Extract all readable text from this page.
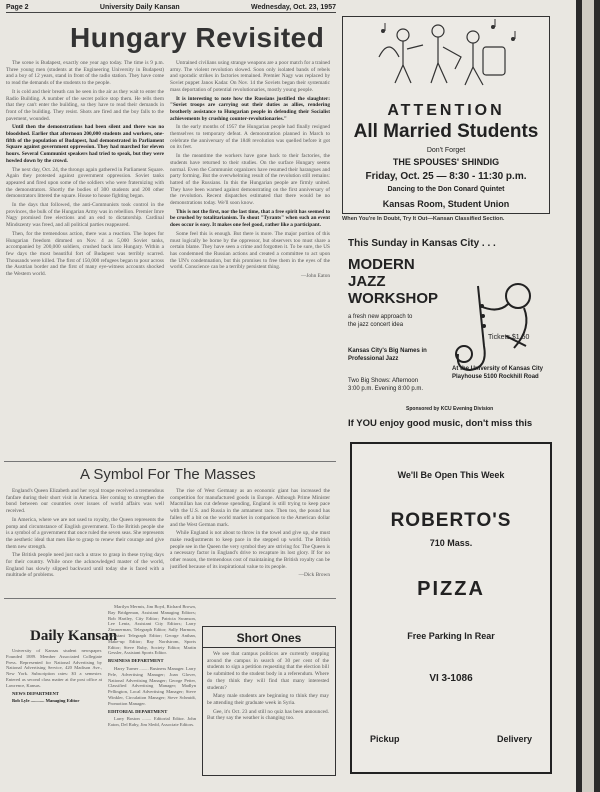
Page 2	University Daily Kansan	Wednesday, Oct. 23, 1957
Hungary Revisited

The scene is Budapest, exactly one year ago today. The time is 9 p.m. Three young men (students at the Engineering University in Budapest) and a boy of 12 years, stand in front of the radio station. They have come to read the demands of the students to the people.

It is cold and their breath can be seen in the air as they wait to enter the Radio Building. A number of the secret police stop them. He tells them that they can't enter the building, so they have to read their demands in front of the building. They resist. Shots are fired and the boy falls to the pavement, wounded.

Until then the demonstrations had been silent and there was no bloodshed. Earlier that afternoon 200,000 students and workers, one-fifth of the population of Budapest, had demonstrated in Parliament Square against government oppression. They had marched for eleven hours. Several Communist speakers had tried to speak, but they were howled down by the crowd.

The next day, Oct. 24, the throngs again gathered in Parliament Square. Again they protested against government oppression. Soviet tanks appeared and fired upon some of the soldiers who were fraternizing with the demonstrators. Shortly the bodies of 300 students and 200 other demonstrators littered the square. House to house fighting began.

In the days that followed, the anti-Communists took control in the provinces, the bulk of the Hungarian Army was in rebellion. Premier Imre Nagy promised free elections and an end to dictatorship. Cardinal Mindszenty was freed, and all political parties reappeared.

Then, for the tremendous action, there was a reaction. The hopes for Hungarian freedom dimmed on Nov. 4 as 5,000 Soviet tanks, accompanied by 200,000 soldiers, crushed back into Hungary. Within a few days the most beautiful fort of Budapest was terribly scarred. Thousands were killed. The first of 150,000 refugees began to pour across the Austrian border and the first of many eye-witness accounts shocked the Western world.

Untrained civilians using strange weapons are a poor match for a trained army. The violent revolution slowed. Soon only isolated bands of rebels and sporadic strikes in factories remained. Premier Nagy was replaced by Soviet puppet Janos Kadar. On Nov. 14 the Soviets began their systematic mass deportation of potential revolutionaries, mostly young people.

It is interesting to note how the Russians justified the slaughter: "Soviet troops are carrying out their duties as allies, rendering brotherly assistance to Hungarian people in defending their Socialist achievements by crushing counter-revolutionaries."

In the early months of 1957 the Hungarian people had finally resigned themselves to temporary defeat. A demonstration planned in March to celebrate the anniversary of the 1848 revolution was quelled before it got on its feet.

In the meantime the workers have gone back to their factories, the students have returned to their studies. On the surface Hungary seems normal. Even the Communist organizers have resumed their harangues and party forming. But the overwhelming result of the revolution still remains: hatred of the Russians. In this the Hungarian people are firmly united. They have been warned against demonstrating on the first anniversary of the revolution. Recent dispatches estimated that there would be no demonstrations today. We'll soon know.

This is not the first, nor the last time, that a free spirit has seemed to be crushed by totalitarianism. To shout "Tyrants" when such an event does occur is easy. It makes one feel good, rather like a participant.

Some feel this is enough. But there is more. The major portion of this must logically be borne by the oppressor, but observers too must share a certain blame. They have seen a crime and forgotten it. To be sure, the US has condemned the Russian actions and created a committee to act upon the UN's condemnation, but this promises to free them in the eyes of the world. Conscience can be a terribly persistent thing.

—John Eaton

ATTENTION
All Married Students
Don't Forget
THE SPOUSES' SHINDIG
Friday, Oct. 25 — 8:30 - 11:30 p.m.
Dancing to the Don Conard Quintet
Kansas Room, Student Union
When You're In Doubt, Try It Out—Kansan Classified Section.
This Sunday in Kansas City . . .
MODERN
JAZZ
WORKSHOP
a fresh new approach to the jazz concert idea
Tickets $1.50
Kansas City's Big Names in Professional Jazz
Two Big Shows: Afternoon 3:00 p.m. Evening 8:00 p.m.
At the University of Kansas City Playhouse 5100 Rockhill Road
Sponsored by KCU Evening Division
If YOU enjoy good music, don't miss this
A Symbol For The Masses

England's Queen Elizabeth and her royal troupe received a tremendous fanfare during their short visit in America. Her coming to strengthen the bond between our countries over issues of world affairs was well received.

In America, where we are not used to royalty, the Queen represents the pomp and circumstance of English government. To the British people she is a symbol of a government that once ruled the seven seas. She represents the aesthetic ideal that men like to grasp to renew their courage and give them new strength.

The British people need just such a straw to grasp in these trying days for their country. While once the acknowledged master of the world, England has slowly slipped backward until today she is faced with a multitude of problems.

The rise of West Germany as an economic giant has increased the competition for manufactured goods in Europe. Although Prime Minister Macmillan has cut defense spending, England is still trying to keep pace with the U.S. and Russia in the armament race. Then too, the pound has fallen off a bit on the world market in comparison to the American dollar and the West German mark.

While England is not about to throw in the towel and give up, she must make readjustments to keep pace in the stepped up world. The British people see in the Queen the very symbol they are striving for. The Queen is a necessary factor in England's drive to recapture its lost glory. If for no other reason, the tremendous cost of maintaining the British royalty can be justified because of its inspirational value to its people.

—Dick Brown

Daily Kansan

University of Kansas student newspaper. Founded 1889. Member Associated Collegiate Press. Represented for National Advertising by National Advertising Service, 420 Madison Ave., New York. Subscription rates: $3 a semester. Entered as second class matter at the post office at Lawrence, Kansas.

NEWS DEPARTMENT

Bob Lyle ............ Managing Editor

Marilyn Mermis, Jim Boyd, Richard Brown, Ray Bridgeman, Assistant Managing Editors; Bob Hartley, City Editor; Patricia Swanson, Lee Lentz, Assistant City Editors; Larry Zimmerman, Telegraph Editor; Sally Harmon, Assistant Telegraph Editor; George Anthan, Make-up Editor; Ray Nordstrom, Sports Editor; Steve Ruby, Society Editor; Martin Gessler, Assistant Sports Editor.

BUSINESS DEPARTMENT

Harry Turner ........ Business Manager. Larry Pele, Advertising Manager; Joan Glover, National Advertising Manager; George Petter, Classified Advertising Manager; Madlyn Pellington, Local Advertising Manager; Steve Winkler, Circulation Manager; Steve Schmidt, Promotion Manager.

EDITORIAL DEPARTMENT

Larry Boston ........ Editorial Editor. John Eaton, Del Raby, Jim Sledd, Associate Editors.

Short Ones

We see that campus politicos are currently stepping around the campus in search of 30 per cent of the students to sign a petition requesting that the election bill be submitted to the student body in a referendum. Where do they think they will find that many interested students?

Many male students are beginning to think they may be attending their graduate week in Syria.

Gee, it's Oct. 23 and still no quiz has been announced. But they say the weather is changing too.

We'll Be Open This Week
ROBERTO'S
710 Mass.
PIZZA
Free Parking In Rear
VI 3-1086
Pickup	Delivery
